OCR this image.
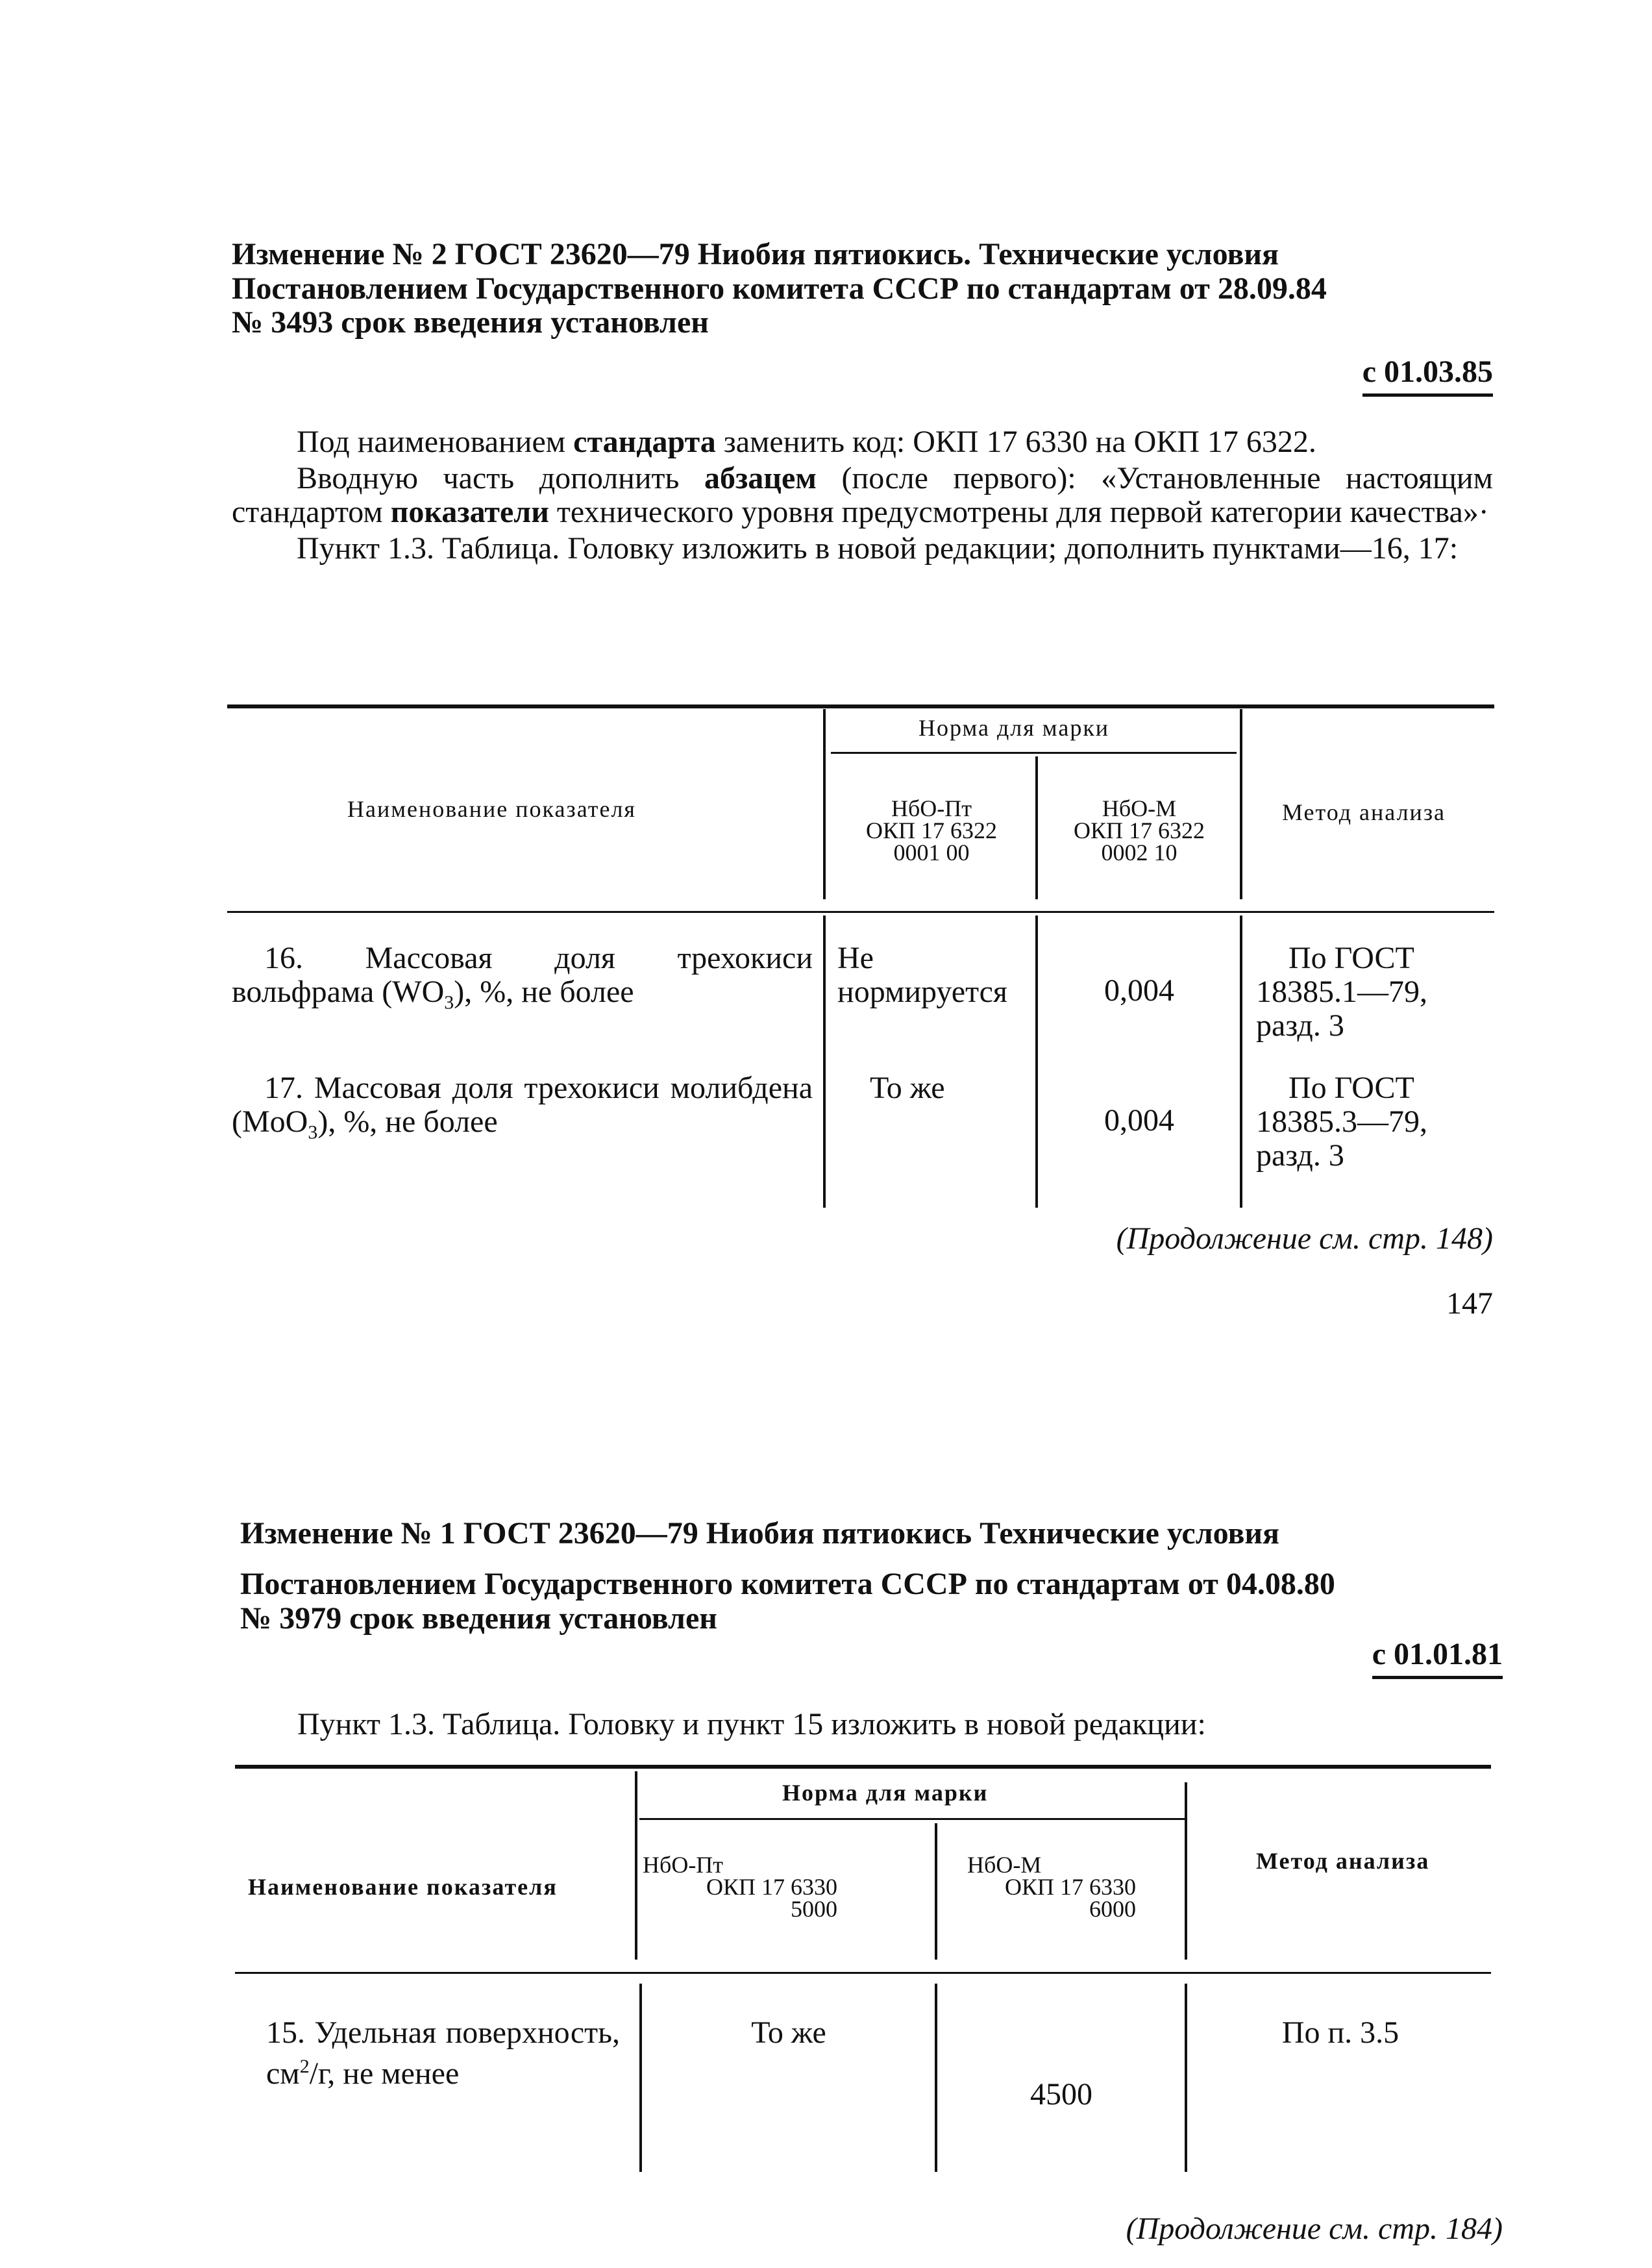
Изменение № 2 ГОСТ 23620—79 Ниобия пятиокись. Технические условия
Постановлением Государственного комитета СССР по стандартам от 28.09.84
№ 3493 срок введения установлен
с 01.03.85

Под наименованием стандарта заменить код: ОКП 17 6330 на ОКП 17 6322.

Вводную часть дополнить абзацем (после первого): «Установленные настоящим стандартом показатели технического уровня предусмотрены для первой категории качества»·

Пункт 1.3. Таблица. Головку изложить в новой редакции; дополнить пунктами—16, 17:

Наименование показателя
Норма для марки
Метод анализа
НбО-Пт
ОКП 17 6322
0001 00
НбО-М
ОКП 17 6322
0002 10
16. Массовая доля трехокиси
вольфрама $(WO_3)$, %, не более
Не нормируется	0,004
По ГОСТ
18385.1—79,
разд. 3
17. Массовая доля трехокиси молибдена (MoO$_3$), %, не более
То же
0,004
По ГОСТ
18385.3—79,
разд. 3
(Продолжение см. стр. 148)
147
Изменение № 1 ГОСТ 23620—79 Ниобия пятиокись Технические условия
Постановлением Государственного комитета СССР по стандартам от 04.08.80
№ 3979 срок введения установлен
с 01.01.81
Пункт 1.3. Таблица. Головку и пункт 15 изложить в новой редакции:
Наименование показателя
Норма для марки
Метод анализа
НбО-Пт
ОКП 17 6330
5000
НбО-М
ОКП 17 6330
6000
15. Удельная поверхность, $см^2/г$, не менее
То же
4500
По п. 3.5
(Продолжение см. стр. 184)
